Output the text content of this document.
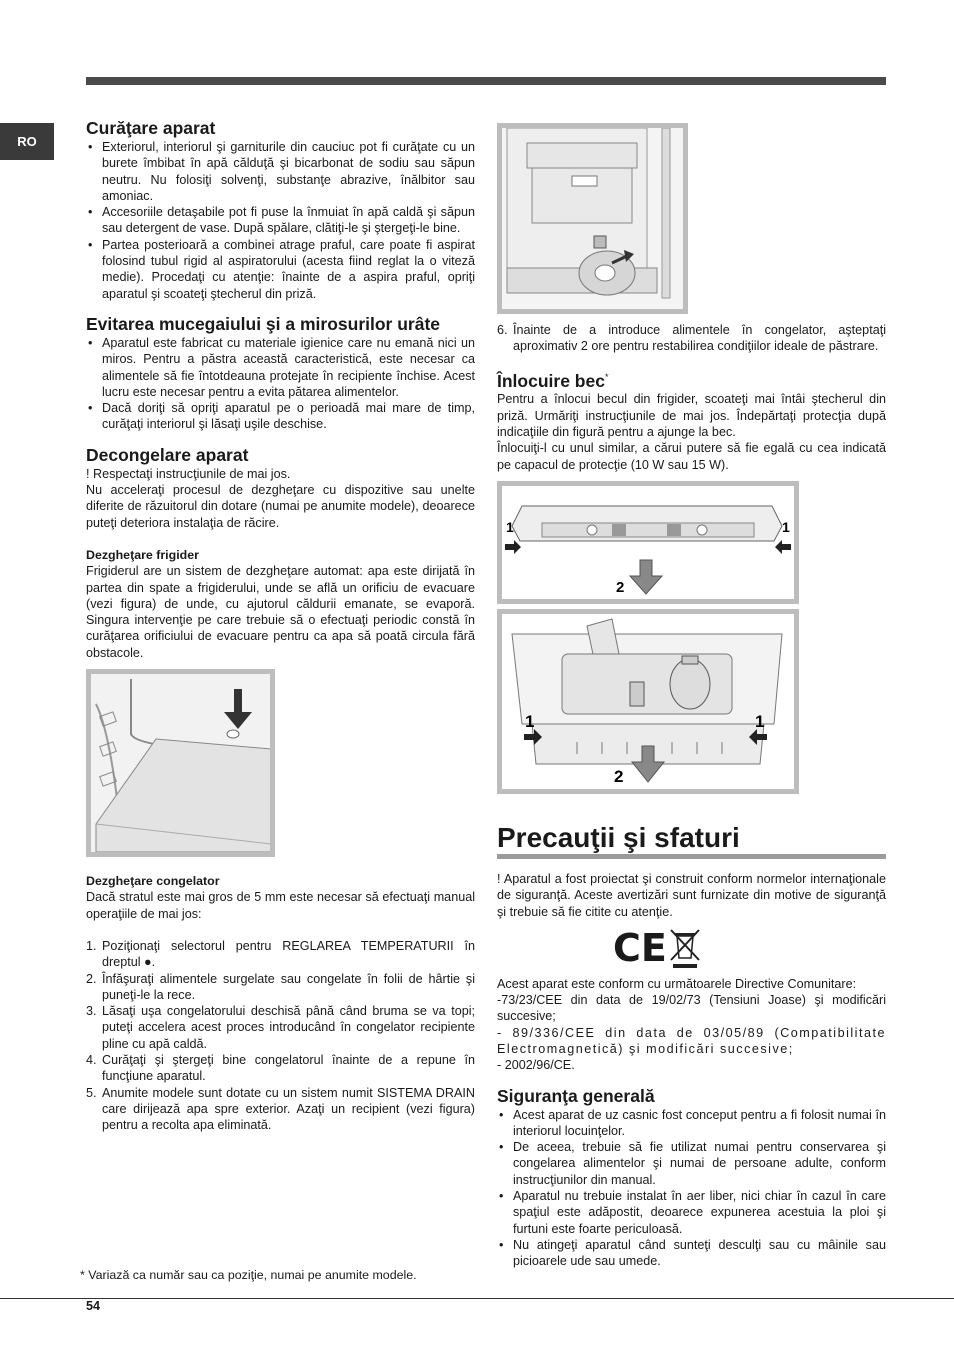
RO
Curăţare aparat
• Exteriorul, interiorul şi garniturile din cauciuc pot fi curăţate cu un burete îmbibat în apă călduţă şi bicarbonat de sodiu sau săpun neutru. Nu folosiţi solvenţi, substanţe abrazive, înălbitor sau amoniac.
• Accesoriile detaşabile pot fi puse la înmuiat în apă caldă şi săpun sau detergent de vase. După spălare, clătiţi-le şi ştergeţi-le bine.
• Partea posterioară a combinei atrage praful, care poate fi aspirat folosind tubul rigid al aspiratorului (acesta fiind reglat la o viteză medie). Procedaţi cu atenţie: înainte de a aspira praful, opriţi aparatul şi scoateţi ştecherul din priză.
Evitarea mucegaiului şi a mirosurilor urâte
• Aparatul este fabricat cu materiale igienice care nu emană nici un miros. Pentru a păstra această caracteristică, este necesar ca alimentele să fie întotdeauna protejate în recipiente închise. Acest lucru este necesar pentru a evita pătarea alimentelor.
• Dacă doriţi să opriţi aparatul pe o perioadă mai mare de timp, curăţaţi interiorul şi lăsaţi uşile deschise.
Decongelare aparat

! Respectaţi instrucţiunile de mai jos.

Nu acceleraţi procesul de dezgheţare cu dispozitive sau unelte diferite de răzuitorul din dotare (numai pe anumite modele), deoarece puteţi deteriora instalaţia de răcire.

Dezgheţare frigider

Frigiderul are un sistem de dezgheţare automat: apa este dirijată în partea din spate a frigiderului, unde se află un orificiu de evacuare (vezi figura) de unde, cu ajutorul căldurii emanate, se evaporă. Singura intervenţie pe care trebuie să o efectuaţi periodic constă în curăţarea orificiului de evacuare pentru ca apa să poată circula fără obstacole.

Dezgheţare congelator

Dacă stratul este mai gros de 5 mm este necesar să efectuaţi manual operaţiile de mai jos:

1. Poziţionaţi selectorul pentru REGLAREA TEMPERATURII în dreptul ●.
2. Înfăşuraţi alimentele surgelate sau congelate în folii de hârtie şi puneţi-le la rece.
3. Lăsaţi uşa congelatorului deschisă până când bruma se va topi; puteţi accelera acest proces introducând în congelator recipiente pline cu apă caldă.
4. Curăţaţi şi ştergeţi bine congelatorul înainte de a repune în funcţiune aparatul.
5. Anumite modele sunt dotate cu un sistem numit SISTEMA DRAIN care dirijează apa spre exterior. Azaţi un recipient (vezi figura) pentru a recolta apa eliminată.
6. Înainte de a introduce alimentele în congelator, aşteptaţi aproximativ 2 ore pentru restabilirea condiţiilor ideale de păstrare.
Înlocuire bec*

Pentru a înlocui becul din frigider, scoateţi mai întâi ştecherul din priză. Urmăriţi instrucţiunile de mai jos. Îndepărtaţi protecţia după indicaţiile din figură pentru a ajunge la bec.

Înlocuiţi-l cu unul similar, a cărui putere să fie egală cu cea indicată pe capacul de protecţie (10 W sau 15 W).

1	1
2
1	1
2
Precauţii şi sfaturi

! Aparatul a fost proiectat şi construit conform normelor internaţionale de siguranţă. Aceste avertizări sunt furnizate din motive de siguranţă şi trebuie să fie citite cu atenţie.

CE

Acest aparat este conform cu următoarele Directive Comunitare:

-73/23/CEE din data de 19/02/73 (Tensiuni Joase) şi modificări succesive;

- 89/336/CEE din data de 03/05/89 (Compatibilitate Electromagnetică) şi modificări succesive;

- 2002/96/CE.

Siguranţa generală
• Acest aparat de uz casnic fost conceput pentru a fi folosit numai în interiorul locuinţelor.
• De aceea, trebuie să fie utilizat numai pentru conservarea şi congelarea alimentelor şi numai de persoane adulte, conform instrucţiunilor din manual.
• Aparatul nu trebuie instalat în aer liber, nici chiar în cazul în care spaţiul este adăpostit, deoarece expunerea acestuia la ploi şi furtuni este foarte periculoasă.
• Nu atingeţi aparatul când sunteţi desculţi sau cu mâinile sau picioarele ude sau umede.
* Variază ca număr sau ca poziţie, numai pe anumite modele.
54
